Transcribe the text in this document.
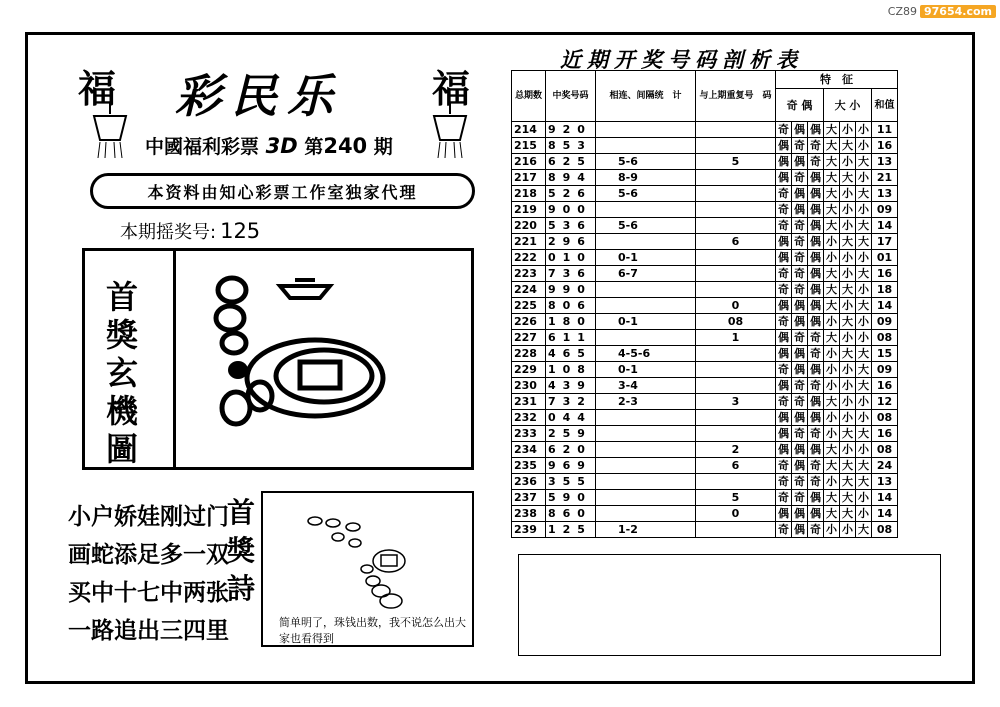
CZ89 97654.com
福	福
彩民乐
中國福利彩票 3D 第240 期
本资料由知心彩票工作室独家代理
本期摇奖号: 125
首
獎
玄
機
圖
小户娇娃刚过门
画蛇添足多一双
买中十七中两张
一路追出三四里
首
獎
詩
简单明了，珠钱出数，我不说怎么出大家也看得到
近期开奖号码剖析表
总期数	中奖号码	相连、间隔统　计	与上期重复号　码	特　征						
				奇 偶			大 小			和值
214	920			奇	偶	偶	大	小	小	11
215	853			偶	奇	奇	大	大	小	16
216	625	5-6	5	偶	偶	奇	大	小	大	13
217	894	8-9		偶	奇	偶	大	大	小	21
218	526	5-6		奇	偶	偶	大	小	大	13
219	900			奇	偶	偶	大	小	小	09
220	536	5-6		奇	奇	偶	大	小	大	14
221	296		6	偶	奇	偶	小	大	大	17
222	010	0-1		偶	奇	偶	小	小	小	01
223	736	6-7		奇	奇	偶	大	小	大	16
224	990			奇	奇	偶	大	大	小	18
225	806		0	偶	偶	偶	大	小	大	14
226	180	0-1	08	奇	偶	偶	小	大	小	09
227	611		1	偶	奇	奇	大	小	小	08
228	465	4-5-6		偶	偶	奇	小	大	大	15
229	108	0-1		奇	偶	偶	小	小	大	09
230	439	3-4		偶	奇	奇	小	小	大	16
231	732	2-3	3	奇	奇	偶	大	小	小	12
232	044			偶	偶	偶	小	小	小	08
233	259			偶	奇	奇	小	大	大	16
234	620		2	偶	偶	偶	大	小	小	08
235	969		6	奇	偶	奇	大	大	大	24
236	355			奇	奇	奇	小	大	大	13
237	590		5	奇	奇	偶	大	大	小	14
238	860		0	偶	偶	偶	大	大	小	14
239	125	1-2		奇	偶	奇	小	小	大	08
